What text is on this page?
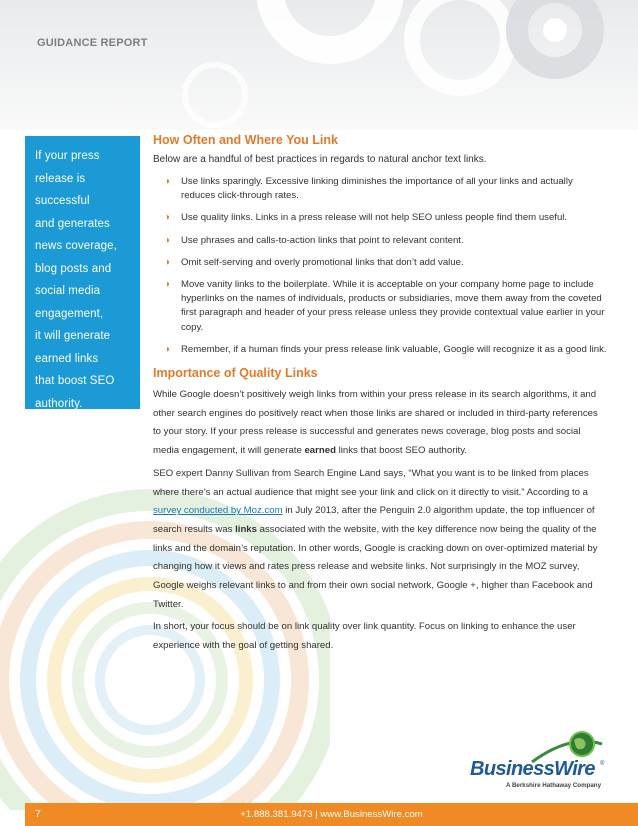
GUIDANCE REPORT

If your press

release is

successful

and generates

news coverage,

blog posts and

social media

engagement,

it will generate

earned links

that boost SEO

authority.

How Often and Where You Link

Below are a handful of best practices in regards to natural anchor text links.

◗ Use links sparingly. Excessive linking diminishes the importance of all your links and actually reduces click-through rates.
◗ Use quality links. Links in a press release will not help SEO unless people find them useful.
◗ Use phrases and calls-to-action links that point to relevant content.
◗ Omit self-serving and overly promotional links that don’t add value.
◗ Move vanity links to the boilerplate. While it is acceptable on your company home page to include hyperlinks on the names of individuals, products or subsidiaries, move them away from the coveted first paragraph and header of your press release unless they provide contextual value earlier in your copy.
◗ Remember, if a human finds your press release link valuable, Google will recognize it as a good link.
Importance of Quality Links

While Google doesn’t positively weigh links from within your press release in its search algorithms, it and other search engines do positively react when those links are shared or included in third-party references to your story. If your press release is successful and generates news coverage, blog posts and social media engagement, it will generate earned links that boost SEO authority.

SEO expert Danny Sullivan from Search Engine Land says, “What you want is to be linked from places where there’s an actual audience that might see your link and click on it directly to visit.” According to a survey conducted by Moz.com in July 2013, after the Penguin 2.0 algorithm update, the top influencer of search results was links associated with the website, with the key difference now being the quality of the links and the domain’s reputation. In other words, Google is cracking down on over-optimized material by changing how it views and rates press release and website links. Not surprisingly in the MOZ survey, Google weighs relevant links to and from their own social network, Google +, higher than Facebook and Twitter.

In short, your focus should be on link quality over link quantity. Focus on linking to enhance the user experience with the goal of getting shared.

BusinessWire ®
A Berkshire Hathaway Company
7	+1.888.381.9473 | www.BusinessWire.com
